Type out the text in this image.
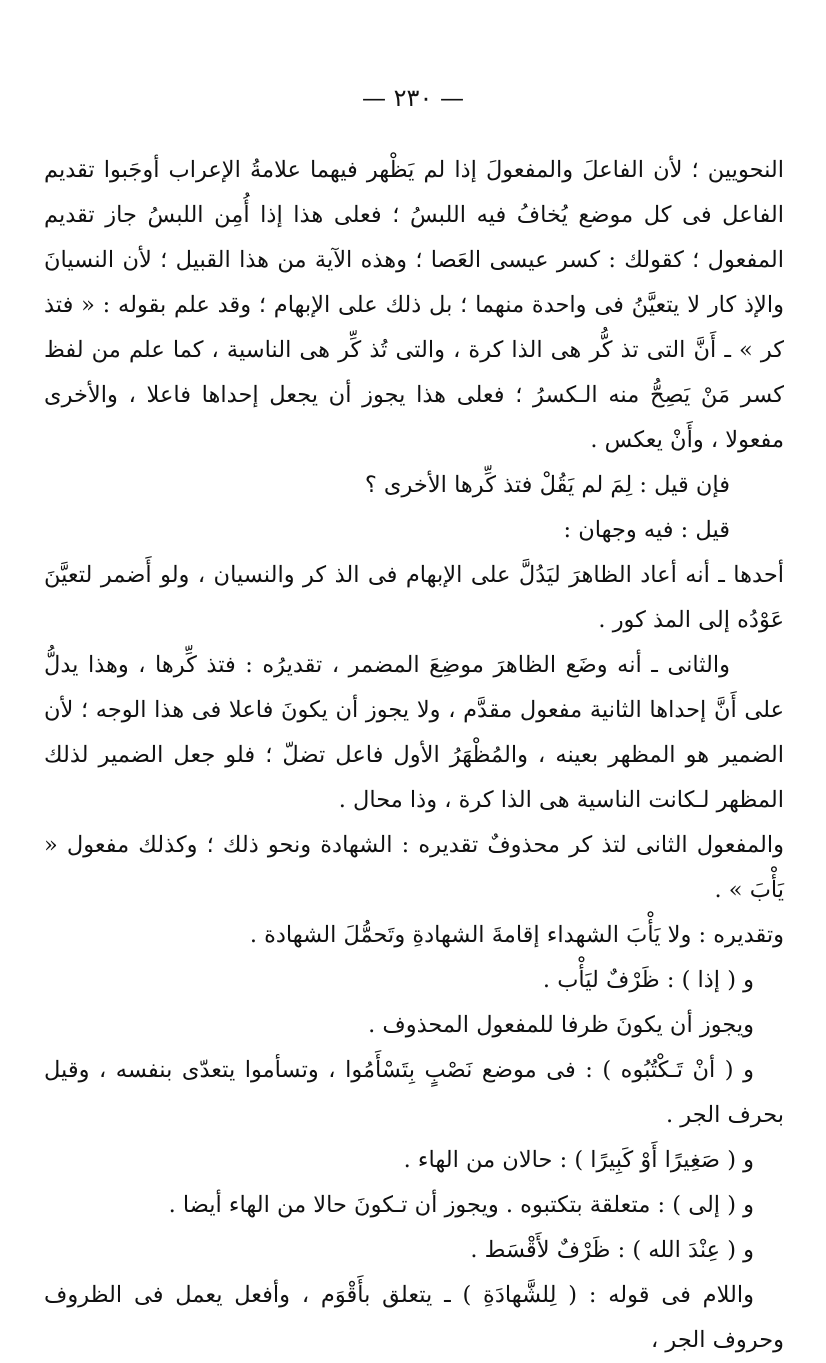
— ٢٣٠ —

النحويين ؛ لأن الفاعلَ والمفعولَ إذا لم يَظْهر فيهما علامةُ الإعراب أوجَبوا تقديم الفاعل فى كل موضع يُخافُ فيه اللبسُ ؛ فعلى هذا إذا أُمِن اللبسُ جاز تقديم المفعول ؛ كقولك : كسر عيسى العَصا ؛ وهذه الآية من هذا القبيل ؛ لأن النسيانَ والإذ كار لا يتعيَّنُ فى واحدة منهما ؛ بل ذلك على الإبهام ؛ وقد علم بقوله : « فتذ كر » ـ أَنَّ التى تذ كُّر هى الذا كرة ، والتى تُذ كِّر هى الناسية ، كما علم من لفظ كسر مَنْ يَصِحُّ منه الـكسرُ ؛ فعلى هذا يجوز أن يجعل إحداها فاعلا ، والأخرى مفعولا ، وأَنْ يعكس .

فإن قيل : لِمَ لم يَقُلْ فتذ كِّرها الأخرى ؟

قيل : فيه وجهان :

أحدها ـ أنه أعاد الظاهرَ ليَدُلَّ على الإبهام فى الذ كر والنسيان ، ولو أَضمر لتعيَّنَ عَوْدُه إلى المذ كور .

والثانى ـ أنه وضَع الظاهرَ موضِعَ المضمر ، تقديرُه : فتذ كِّرها ، وهذا يدلُّ على أَنَّ إحداها الثانية مفعول مقدَّم ، ولا يجوز أن يكونَ فاعلا فى هذا الوجه ؛ لأن الضمير هو المظهر بعينه ، والمُظْهَرُ الأول فاعل تضلّ ؛ فلو جعل الضمير لذلك المظهر لـكانت الناسية هى الذا كرة ، وذا محال .

والمفعول الثانى لتذ كر محذوفٌ تقديره : الشهادة ونحو ذلك ؛ وكذلك مفعول « يَأْبَ » .

وتقديره : ولا يَأْبَ الشهداء إقامةَ الشهادةِ وتَحمُّلَ الشهادة .

و ( إذا ) : ظَرْفٌ ليَأْب .

ويجوز أن يكونَ ظرفا للمفعول المحذوف .

و ( أنْ تَـكْتُبُوه ) : فى موضع نَصْبٍ بِتَسْأَمُوا ، وتسأموا يتعدّى بنفسه ، وقيل بحرف الجر .

و ( صَغِيرًا أَوْ كَبِيرًا ) : حالان من الهاء .

و ( إلى ) : متعلقة بتكتبوه . ويجوز أن تـكونَ حالا من الهاء أيضا .

و ( عِنْدَ الله ) : ظَرْفٌ لأَقْسَط .

واللام فى قوله : ( لِلشَّهادَةِ ) ـ يتعلق بأَقْوَم ، وأفعل يعمل فى الظروف وحروف الجر ،
